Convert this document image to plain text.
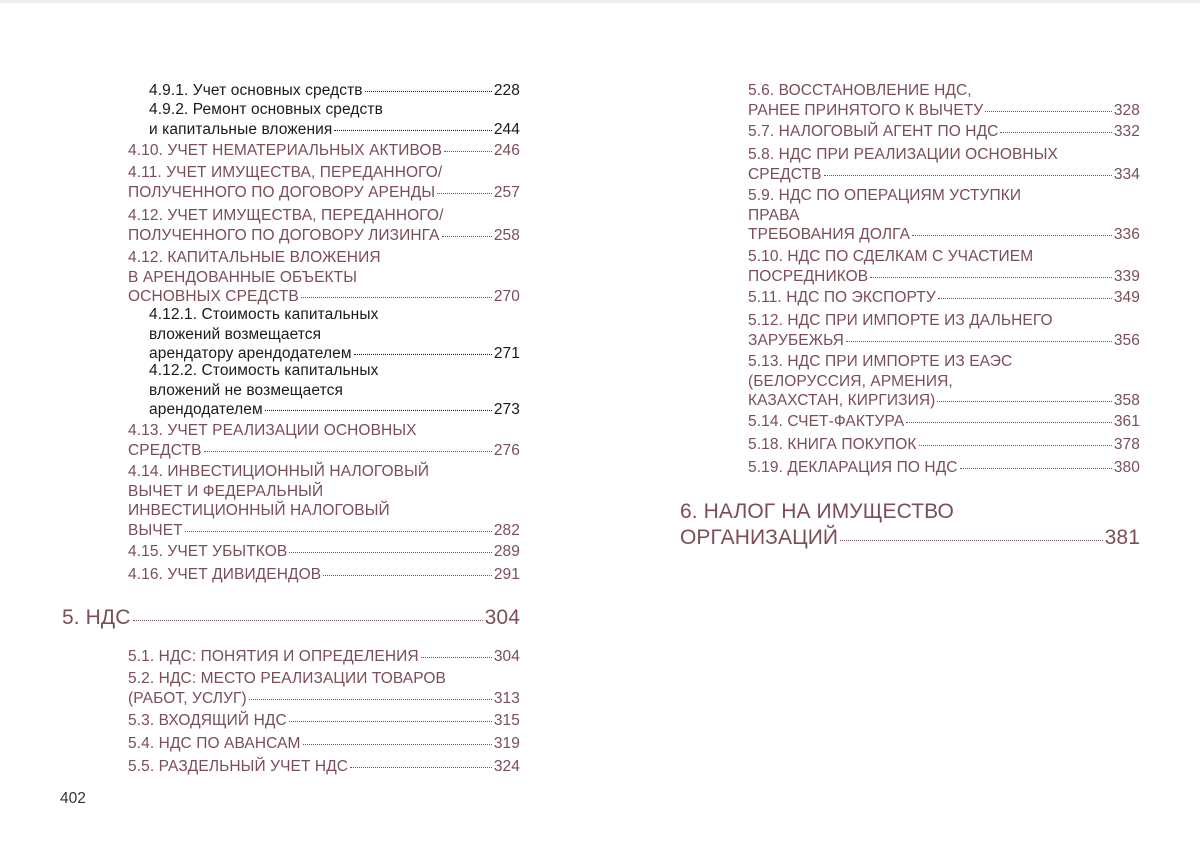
4.9.1. Учет основных средств	228
4.9.2. Ремонт основных средств
и капитальные вложения	244
4.10. УЧЕТ НЕМАТЕРИАЛЬНЫХ АКТИВОВ	246
4.11. УЧЕТ ИМУЩЕСТВА, ПЕРЕДАННОГО/
ПОЛУЧЕННОГО ПО ДОГОВОРУ АРЕНДЫ	257
4.12. УЧЕТ ИМУЩЕСТВА, ПЕРЕДАННОГО/
ПОЛУЧЕННОГО ПО ДОГОВОРУ ЛИЗИНГА	258
4.12. КАПИТАЛЬНЫЕ ВЛОЖЕНИЯ
В АРЕНДОВАННЫЕ ОБЪЕКТЫ
ОСНОВНЫХ СРЕДСТВ	270
4.12.1. Стоимость капитальных
вложений возмещается
арендатору арендодателем	271
4.12.2. Стоимость капитальных
вложений не возмещается
арендодателем	273
4.13. УЧЕТ РЕАЛИЗАЦИИ ОСНОВНЫХ
СРЕДСТВ	276
4.14. ИНВЕСТИЦИОННЫЙ НАЛОГОВЫЙ
ВЫЧЕТ И ФЕДЕРАЛЬНЫЙ
ИНВЕСТИЦИОННЫЙ НАЛОГОВЫЙ
ВЫЧЕТ	282
4.15. УЧЕТ УБЫТКОВ	289
4.16. УЧЕТ ДИВИДЕНДОВ	291
5. НДС	304
5.1. НДС: ПОНЯТИЯ И ОПРЕДЕЛЕНИЯ	304
5.2. НДС: МЕСТО РЕАЛИЗАЦИИ ТОВАРОВ
(РАБОТ, УСЛУГ)	313
5.3. ВХОДЯЩИЙ НДС	315
5.4. НДС ПО АВАНСАМ	319
5.5. РАЗДЕЛЬНЫЙ УЧЕТ НДС	324
5.6. ВОССТАНОВЛЕНИЕ НДС,
РАНЕЕ ПРИНЯТОГО К ВЫЧЕТУ	328
5.7. НАЛОГОВЫЙ АГЕНТ ПО НДС	332
5.8. НДС ПРИ РЕАЛИЗАЦИИ ОСНОВНЫХ
СРЕДСТВ	334
5.9. НДС ПО ОПЕРАЦИЯМ УСТУПКИ
ПРАВА
ТРЕБОВАНИЯ ДОЛГА	336
5.10. НДС ПО СДЕЛКАМ С УЧАСТИЕМ
ПОСРЕДНИКОВ	339
5.11. НДС ПО ЭКСПОРТУ	349
5.12. НДС ПРИ ИМПОРТЕ ИЗ ДАЛЬНЕГО
ЗАРУБЕЖЬЯ	356
5.13. НДС ПРИ ИМПОРТЕ ИЗ ЕАЭС
(БЕЛОРУССИЯ, АРМЕНИЯ,
КАЗАХСТАН, КИРГИЗИЯ)	358
5.14. СЧЕТ-ФАКТУРА	361
5.18. КНИГА ПОКУПОК	378
5.19. ДЕКЛАРАЦИЯ ПО НДС	380
6. НАЛОГ НА ИМУЩЕСТВО
ОРГАНИЗАЦИЙ	381
402
